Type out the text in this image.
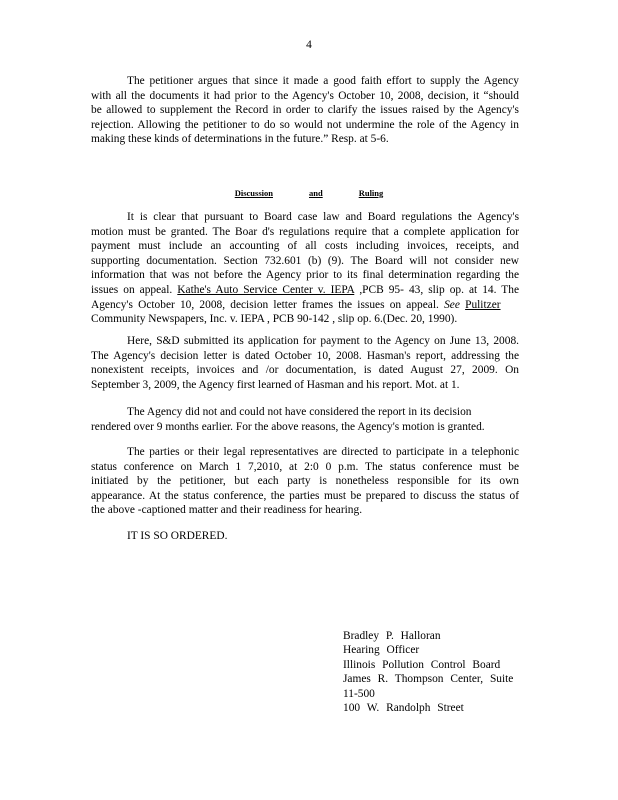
4

The petitioner argues that since it made a good faith effort to supply the Agency
with all the documents it had prior to the Agency's October 10, 2008, decision, it “should
be allowed to supplement the Record in order to clarify the issues raised by the Agency's
rejection. Allowing the petitioner to do so would not undermine the role of the Agency in
making these kinds of determinations in the future.” Resp. at 5-6.

Discussion	and	Ruling

It is clear that pursuant to Board case law and Board regulations the Agency's
motion must be granted. The Boar d's regulations require that a complete application for
payment must include an accounting of all costs including invoices, receipts, and
supporting documentation. Section 732.601 (b) (9). The Board will not consider new
information that was not before the Agency prior to its final determination regarding the
issues on appeal. Kathe's Auto Service Center v. IEPA ,PCB 95- 43, slip op. at 14. The
Agency's October 10, 2008, decision letter frames the issues on appeal. See Pulitzer
Community Newspapers, Inc. v. IEPA , PCB 90-142 , slip op. 6.(Dec. 20, 1990).

Here, S&D submitted its application for payment to the Agency on June 13, 2008.
The Agency's decision letter is dated October 10, 2008. Hasman's report, addressing the
nonexistent receipts, invoices and /or documentation, is dated August 27, 2009. On
September 3, 2009, the Agency first learned of Hasman and his report. Mot. at 1.

The Agency did not and could not have considered the report in its decision
rendered over 9 months earlier. For the above reasons, the Agency's motion is granted.

The parties or their legal representatives are directed to participate in a telephonic
status conference on March 1 7,2010, at 2:0 0 p.m. The status conference must be
initiated by the petitioner, but each party is nonetheless responsible for its own
appearance. At the status conference, the parties must be prepared to discuss the status of
the above -captioned matter and their readiness for hearing.

IT IS SO ORDERED.
Bradley P. Halloran
Hearing Officer
Illinois Pollution Control Board
James R. Thompson Center, Suite
11-500
100 W. Randolph Street
